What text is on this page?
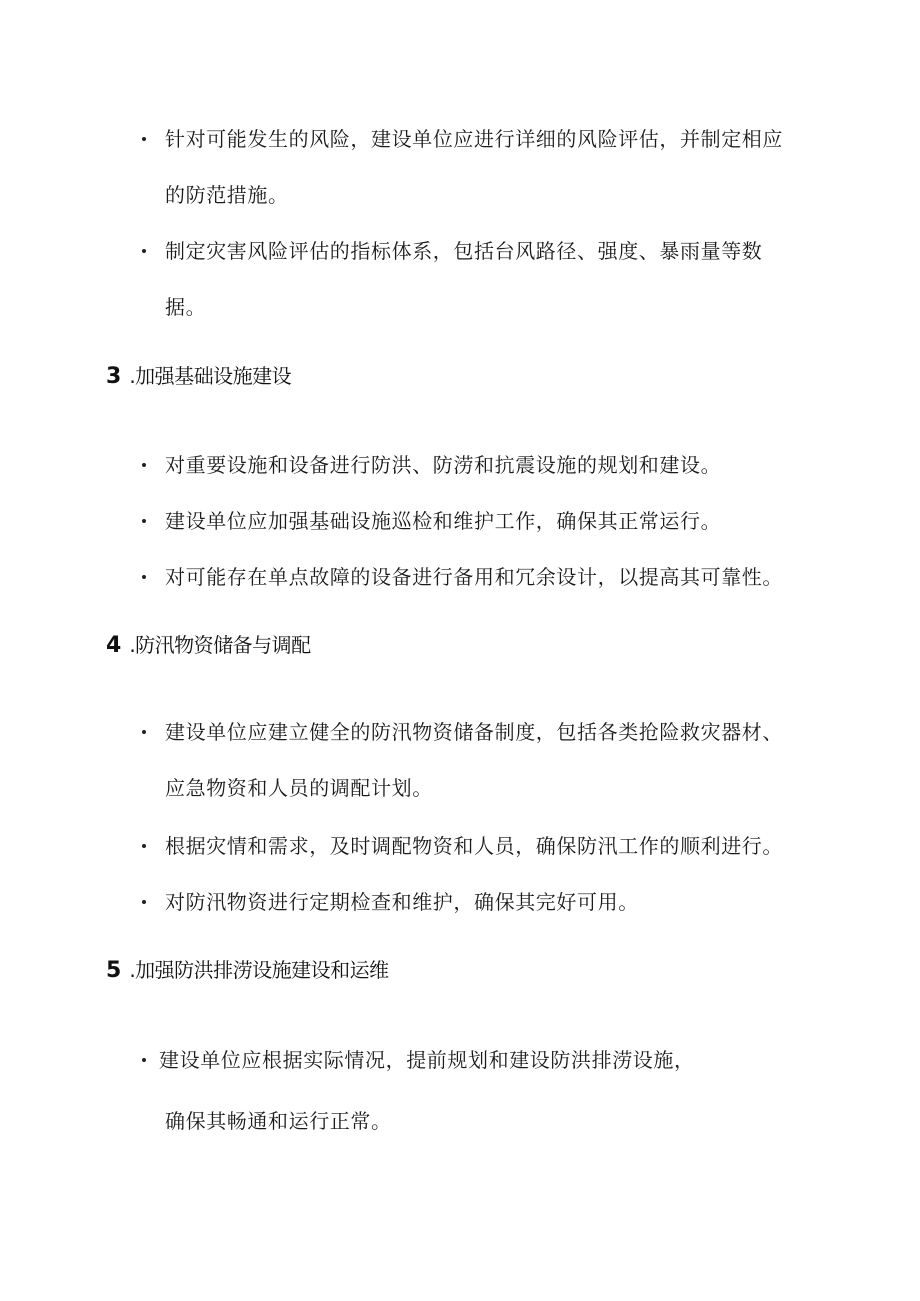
针对可能发生的风险，建设单位应进行详细的风险评估，并制定相应
的防范措施。
制定灾害风险评估的指标体系，包括台风路径、强度、暴雨量等数
据。
3 .加强基础设施建设
对重要设施和设备进行防洪、防涝和抗震设施的规划和建设。
建设单位应加强基础设施巡检和维护工作，确保其正常运行。
对可能存在单点故障的设备进行备用和冗余设计，以提高其可靠性。
4 .防汛物资储备与调配
建设单位应建立健全的防汛物资储备制度，包括各类抢险救灾器材、
应急物资和人员的调配计划。
根据灾情和需求，及时调配物资和人员，确保防汛工作的顺利进行。
对防汛物资进行定期检查和维护，确保其完好可用。
5 .加强防洪排涝设施建设和运维
建设单位应根据实际情况，提前规划和建设防洪排涝设施，
确保其畅通和运行正常。
